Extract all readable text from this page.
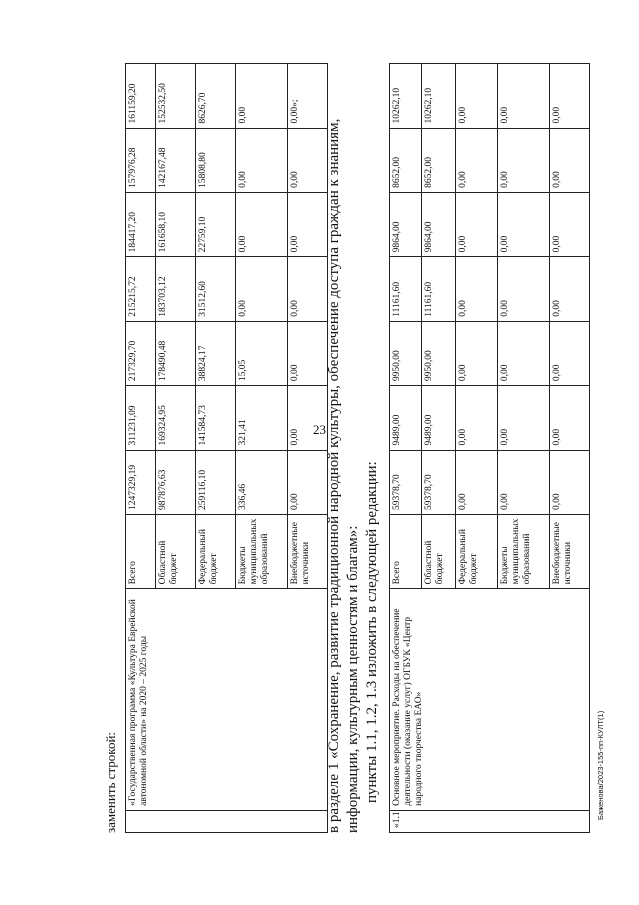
23
заменить строкой:
	«Государственная программа «Культура Еврейской автономной области» на 2020 – 2025 годы	Всего	1247329,19	311231,09	217329,70	215215,72	184417,20	157976,28	161159,20
		Областной бюджет	987876,63	169324,95	178490,48	183703,12	161658,10	142167,48	152532,50
		Федеральный бюджет	259116,10	141584,73	38824,17	31512,60	22759,10	15808,80	8626,70
		Бюджеты муниципальных образований	336,46	321,41	15,05	0,00	0,00	0,00	0,00
		Внебюджетные источники	0,00	0,00	0,00	0,00	0,00	0,00	0,00»;
в разделе 1 «Сохранение, развитие традиционной народной культуры, обеспечение доступа граждан к знаниям, информации, культурным ценностям и благам»: пункты 1.1, 1.2, 1.3 изложить в следующей редакции:
«1.1	Основное мероприятие. Расходы на обеспечение деятельности (оказание услуг) ОГБУК «Центр народного творчества ЕАО»	Всего	59378,70	9489,00	9950,00	11161,60	9864,00	8652,00	10262,10
		Областной бюджет	59378,70	9489,00	9950,00	11161,60	9864,00	8652,00	10262,10
		Федеральный бюджет	0,00	0,00	0,00	0,00	0,00	0,00	0,00
		Бюджеты муниципальных образований	0,00	0,00	0,00	0,00	0,00	0,00	0,00
		Внебюджетные источники	0,00	0,00	0,00	0,00	0,00	0,00	0,00
Баженова/2023-155-пп-КУЛТ(1)
